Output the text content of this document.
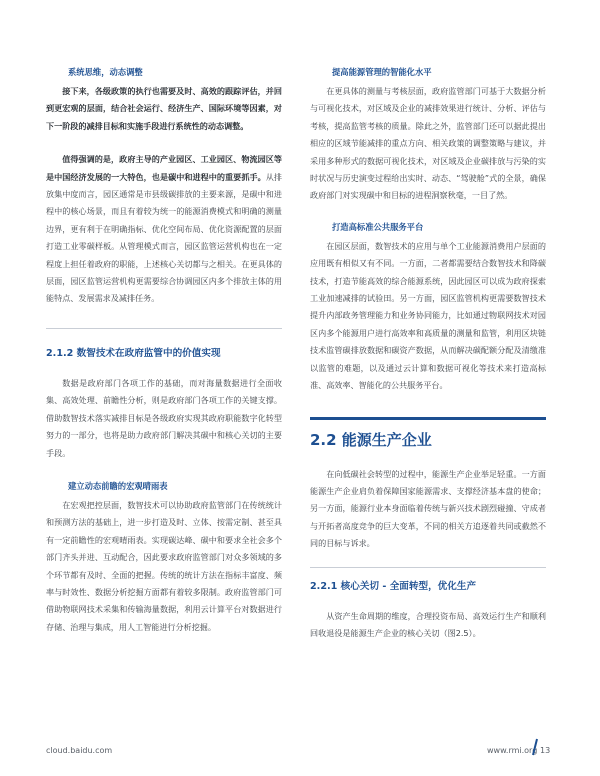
系统思维，动态调整

接下来，各级政策的执行也需要及时、高效的跟踪评估，并回到更宏观的层面，结合社会运行、经济生产、国际环境等因素，对下一阶段的减排目标和实施手段进行系统性的动态调整。

值得强调的是，政府主导的产业园区、工业园区、物流园区等是中国经济发展的一大特色，也是碳中和进程中的重要抓手。从排放集中度而言，园区通常是市县级碳排放的主要来源，是碳中和进程中的核心场景，而且有着较为统一的能源消费模式和明确的测量边界，更有利于在明确指标、优化空间布局、优化资源配置的层面打造工业零碳样板。从管理模式而言，园区监管运营机构也在一定程度上担任着政府的职能，上述核心关切都与之相关。在更具体的层面，园区监管运营机构更需要综合协调园区内多个排放主体的用能特点、发展需求及减排任务。

2.1.2 数智技术在政府监管中的价值实现

数据是政府部门各项工作的基础，而对海量数据进行全面收集、高效处理、前瞻性分析，则是政府部门各项工作的关键支撑。借助数智技术落实减排目标是各级政府实现其政府职能数字化转型努力的一部分，也将是助力政府部门解决其碳中和核心关切的主要手段。

建立动态前瞻的宏观晴雨表

在宏观把控层面，数智技术可以协助政府监管部门在传统统计和预测方法的基础上，进一步打造及时、立体、按需定制、甚至具有一定前瞻性的宏观晴雨表。实现碳达峰、碳中和要求全社会多个部门齐头并进、互动配合，因此要求政府监管部门对众多领域的多个环节都有及时、全面的把握。传统的统计方法在指标丰富度、频率与时效性、数据分析挖掘方面都有着较多限制。政府监管部门可借助物联网技术采集和传输海量数据，利用云计算平台对数据进行存储、治理与集成，用人工智能进行分析挖掘。

提高能源管理的智能化水平

在更具体的测量与考核层面，政府监管部门可基于大数据分析与可视化技术，对区域及企业的减排效果进行统计、分析、评估与考核，提高监管考核的质量。除此之外，监管部门还可以据此提出相应的区域节能减排的重点方向、相关政策的调整策略与建议，并采用多种形式的数据可视化技术，对区域及企业碳排放与污染的实时状况与历史演变过程给出实时、动态、“驾驶舱”式的全景，确保政府部门对实现碳中和目标的进程洞察秋毫，一目了然。

打造高标准公共服务平台

在园区层面，数智技术的应用与单个工业能源消费用户层面的应用既有相似又有不同。一方面，二者都需要结合数智技术和降碳技术，打造节能高效的综合能源系统，因此园区可以成为政府探索工业加速减排的试验田。另一方面，园区监管机构更需要数智技术提升内部政务管理能力和业务协同能力，比如通过物联网技术对园区内多个能源用户进行高效率和高质量的测量和监管，利用区块链技术监管碳排放数据和碳资产数据，从而解决碳配额分配及清缴准以监管的难题，以及通过云计算和数据可视化等技术来打造高标准、高效率、智能化的公共服务平台。

2.2 能源生产企业

在向低碳社会转型的过程中，能源生产企业举足轻重。一方面能源生产企业肩负着保障国家能源需求、支撑经济基本盘的使命；另一方面，能源行业本身面临着传统与新兴技术剧烈碰撞、守成者与开拓者高度竞争的巨大变革，不同的相关方追逐着共同或截然不同的目标与诉求。

2.2.1 核心关切 - 全面转型，优化生产

从资产生命周期的维度，合理投资布局、高效运行生产和顺利回收退役是能源生产企业的核心关切（图2.5）。

cloud.baidu.com	www.rmi.org 13
